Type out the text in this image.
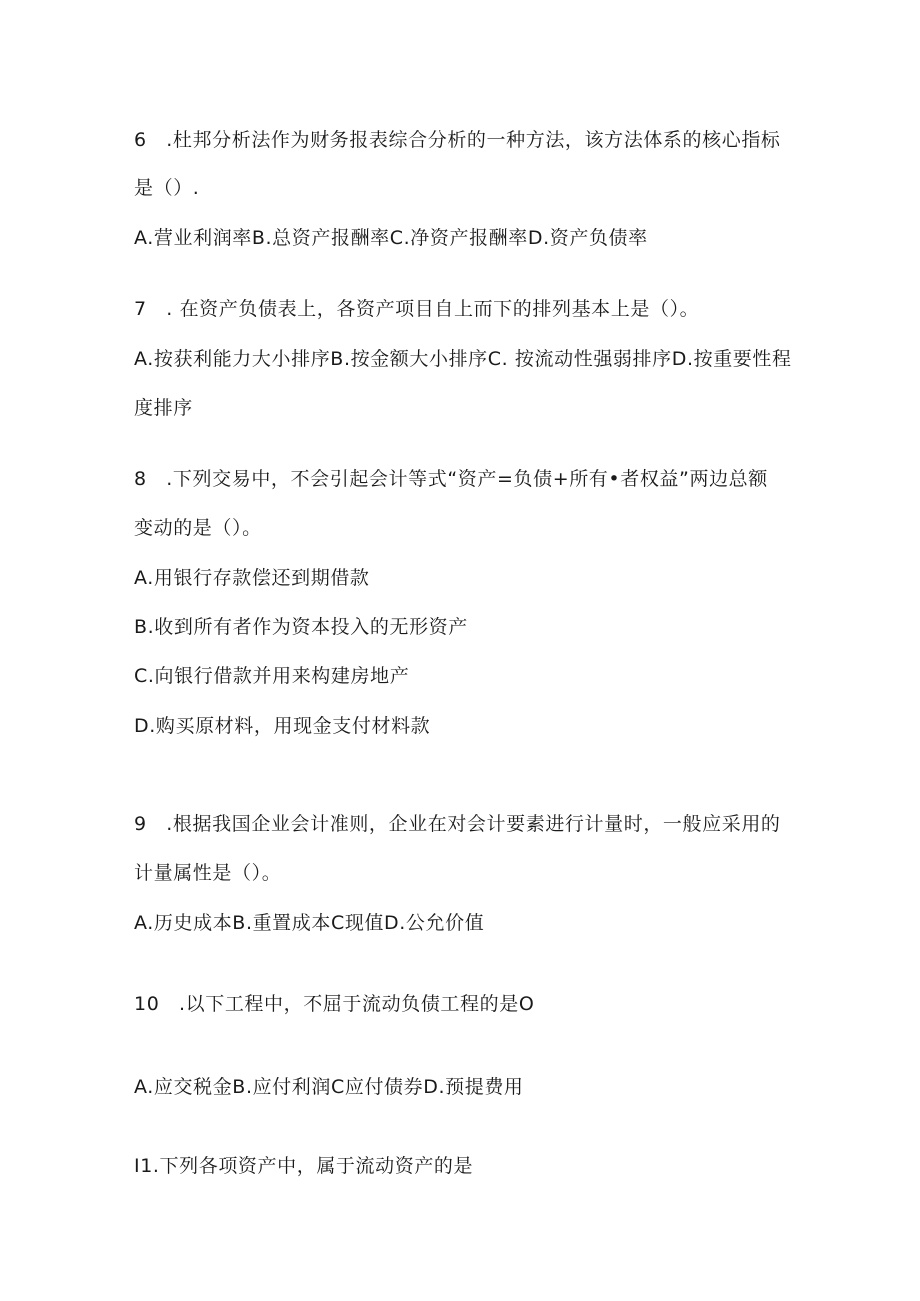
6　.杜邦分析法作为财务报表综合分析的一种方法，该方法体系的核心指标
是（）.
A.营业利润率B.总资产报酬率C.净资产报酬率D.资产负债率
7　. 在资产负债表上，各资产项目自上而下的排列基本上是（）。
A.按获利能力大小排序B.按金额大小排序C. 按流动性强弱排序D.按重要性程
度排序
8　.下列交易中，不会引起会计等式“资产=负债+所有•者权益”两边总额
变动的是（）。
A.用银行存款偿还到期借款
B.收到所有者作为资本投入的无形资产
C.向银行借款并用来构建房地产
D.购买原材料，用现金支付材料款
9　.根据我国企业会计准则，企业在对会计要素进行计量时，一般应采用的
计量属性是（）。
A.历史成本B.重置成本C现值D.公允价值
10　.以下工程中，不屈于流动负债工程的是O
A.应交税金B.应付利润C应付债券D.预提费用
I1.下列各项资产中，属于流动资产的是
